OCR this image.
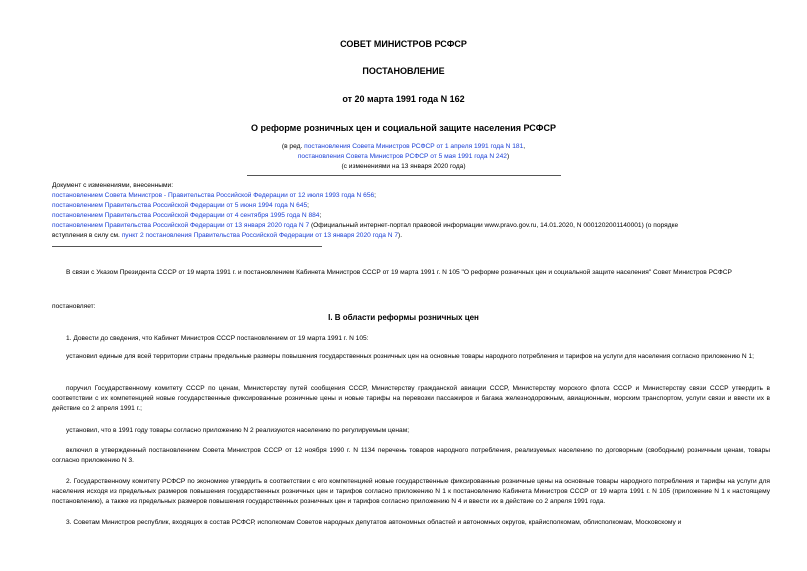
СОВЕТ МИНИСТРОВ РСФСР
ПОСТАНОВЛЕНИЕ
от 20 марта 1991 года N 162
О реформе розничных цен и социальной защите населения РСФСР
(в ред. постановления Совета Министров РСФСР от 1 апреля 1991 года N 181,
постановления Совета Министров РСФСР от 5 мая 1991 года N 242)
(с изменениями на 13 января 2020 года)
Документ с изменениями, внесенными:
постановлением Совета Министров - Правительства Российской Федерации от 12 июля 1993 года N 656;
постановлением Правительства Российской Федерации от 5 июня 1994 года N 645;
постановлением Правительства Российской Федерации от 4 сентября 1995 года N 884;
постановлением Правительства Российской Федерации от 13 января 2020 года N 7 (Официальный интернет-портал правовой информации www.pravo.gov.ru, 14.01.2020, N 0001202001140001) (о порядке
вступления в силу см. пункт 2 постановления Правительства Российской Федерации от 13 января 2020 года N 7).
В связи с Указом Президента СССР от 19 марта 1991 г. и постановлением Кабинета Министров СССР от 19 марта 1991 г. N 105 "О реформе розничных цен и социальной защите населения" Совет Министров РСФСР
постановляет:
I. В области реформы розничных цен
1. Довести до сведения, что Кабинет Министров СССР постановлением от 19 марта 1991 г. N 105:
установил единые для всей территории страны предельные размеры повышения государственных розничных цен на основные товары народного потребления и тарифов на услуги для населения согласно приложению N 1;
поручил Государственному комитету СССР по ценам, Министерству путей сообщения СССР, Министерству гражданской авиации СССР, Министерству морского флота СССР и Министерству связи СССР утвердить в соответствии с их компетенцией новые государственные фиксированные розничные цены и новые тарифы на перевозки пассажиров и багажа железнодорожным, авиационным, морским транспортом, услуги связи и ввести их в действие со 2 апреля 1991 г.;
установил, что в 1991 году товары согласно приложению N 2 реализуются населению по регулируемым ценам;
включил в утвержденный постановлением Совета Министров СССР от 12 ноября 1990 г. N 1134 перечень товаров народного потребления, реализуемых населению по договорным (свободным) розничным ценам, товары согласно приложению N 3.
2. Государственному комитету РСФСР по экономике утвердить в соответствии с его компетенцией новые государственные фиксированные розничные цены на основные товары народного потребления и тарифы на услуги для населения исходя из предельных размеров повышения государственных розничных цен и тарифов согласно приложению N 1 к постановлению Кабинета Министров СССР от 19 марта 1991 г. N 105 (приложение N 1 к настоящему постановлению), а также из предельных размеров повышения государственных розничных цен и тарифов согласно приложению N 4 и ввести их в действие со 2 апреля 1991 года.
3. Советам Министров республик, входящих в состав РСФСР, исполкомам Советов народных депутатов автономных областей и автономных округов, крайисполкомам, облисполкомам, Московскому и
